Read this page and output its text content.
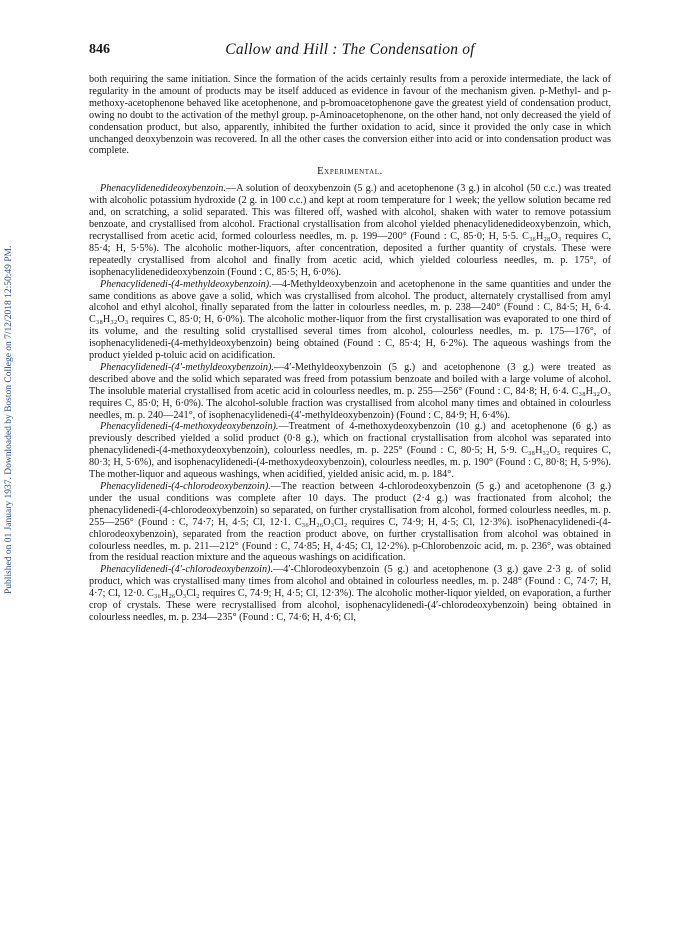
Published on 01 January 1937. Downloaded by Boston College on 7/12/2018 12:50:49 PM.
846	Callow and Hill : The Condensation of

both requiring the same initiation. Since the formation of the acids certainly results from a peroxide intermediate, the lack of regularity in the amount of products may be itself adduced as evidence in favour of the mechanism given. p-Methyl- and p-methoxy-acetophenone behaved like acetophenone, and p-bromoacetophenone gave the greatest yield of condensation product, owing no doubt to the activation of the methyl group. p-Aminoacetophenone, on the other hand, not only decreased the yield of condensation product, but also, apparently, inhibited the further oxidation to acid, since it provided the only case in which unchanged deoxybenzoin was recovered. In all the other cases the conversion either into acid or into condensation product was complete.

Experimental.

Phenacylidenedideoxybenzoin.—A solution of deoxybenzoin (5 g.) and acetophenone (3 g.) in alcohol (50 c.c.) was treated with alcoholic potassium hydroxide (2 g. in 100 c.c.) and kept at room temperature for 1 week; the yellow solution became red and, on scratching, a solid separated. This was filtered off, washed with alcohol, shaken with water to remove potassium benzoate, and crystallised from alcohol. Fractional crystallisation from alcohol yielded phenacylidenedideoxybenzoin, which, recrystallised from acetic acid, formed colourless needles, m. p. 199—200° (Found : C, 85·0; H, 5·5. C₃₆H₂₈O₃ requires C, 85·4; H, 5·5%). The alcoholic mother-liquors, after concentration, deposited a further quantity of crystals. These were repeatedly crystallised from alcohol and finally from acetic acid, which yielded colourless needles, m. p. 175°, of isophenacylidenedideoxybenzoin (Found : C, 85·5; H, 6·0%).

Phenacylidenedi-(4-methyldeoxybenzoin).—4-Methyldeoxybenzoin and acetophenone in the same quantities and under the same conditions as above gave a solid, which was crystallised from alcohol. The product, alternately crystallised from amyl alcohol and ethyl alcohol, finally separated from the latter in colourless needles, m. p. 238—240° (Found : C, 84·5; H, 6·4. C₃₈H₃₂O₃ requires C, 85·0; H, 6·0%). The alcoholic mother-liquor from the first crystallisation was evaporated to one third of its volume, and the resulting solid crystallised several times from alcohol, colourless needles, m. p. 175—176°, of isophenacylidenedi-(4-methyldeoxybenzoin) being obtained (Found : C, 85·4; H, 6·2%). The aqueous washings from the product yielded p-toluic acid on acidification.

Phenacylidenedi-(4′-methyldeoxybenzoin).—4′-Methyldeoxybenzoin (5 g.) and acetophenone (3 g.) were treated as described above and the solid which separated was freed from potassium benzoate and boiled with a large volume of alcohol. The insoluble material crystallised from acetic acid in colourless needles, m. p. 255—256° (Found : C, 84·8; H, 6·4. C₃₈H₃₂O₃ requires C, 85·0; H, 6·0%). The alcohol-soluble fraction was crystallised from alcohol many times and obtained in colourless needles, m. p. 240—241°, of isophenacylidenedi-(4′-methyldeoxybenzoin) (Found : C, 84·9; H, 6·4%).

Phenacylidenedi-(4-methoxydeoxybenzoin).—Treatment of 4-methoxydeoxybenzoin (10 g.) and acetophenone (6 g.) as previously described yielded a solid product (0·8 g.), which on fractional crystallisation from alcohol was separated into phenacylidenedi-(4-methoxydeoxybenzoin), colourless needles, m. p. 225° (Found : C, 80·5; H, 5·9. C₃₈H₃₂O₅ requires C, 80·3; H, 5·6%), and isophenacylidenedi-(4-methoxydeoxybenzoin), colourless needles, m. p. 190° (Found : C, 80·8; H, 5·9%). The mother-liquor and aqueous washings, when acidified, yielded anisic acid, m. p. 184°.

Phenacylidenedi-(4-chlorodeoxybenzoin).—The reaction between 4-chlorodeoxybenzoin (5 g.) and acetophenone (3 g.) under the usual conditions was complete after 10 days. The product (2·4 g.) was fractionated from alcohol; the phenacylidenedi-(4-chlorodeoxybenzoin) so separated, on further crystallisation from alcohol, formed colourless needles, m. p. 255—256° (Found : C, 74·7; H, 4·5; Cl, 12·1. C₃₆H₂₆O₃Cl₂ requires C, 74·9; H, 4·5; Cl, 12·3%). isoPhenacylidenedi-(4-chlorodeoxybenzoin), separated from the reaction product above, on further crystallisation from alcohol was obtained in colourless needles, m. p. 211—212° (Found : C, 74·85; H, 4·45; Cl, 12·2%). p-Chlorobenzoic acid, m. p. 236°, was obtained from the residual reaction mixture and the aqueous washings on acidification.

Phenacylidenedi-(4′-chlorodeoxybenzoin).—4′-Chlorodeoxybenzoin (5 g.) and acetophenone (3 g.) gave 2·3 g. of solid product, which was crystallised many times from alcohol and obtained in colourless needles, m. p. 248° (Found : C, 74·7; H, 4·7; Cl, 12·0. C₃₆H₂₆O₃Cl₂ requires C, 74·9; H, 4·5; Cl, 12·3%). The alcoholic mother-liquor yielded, on evaporation, a further crop of crystals. These were recrystallised from alcohol, isophenacylidenedi-(4′-chlorodeoxybenzoin) being obtained in colourless needles, m. p. 234—235° (Found : C, 74·6; H, 4·6; Cl,
